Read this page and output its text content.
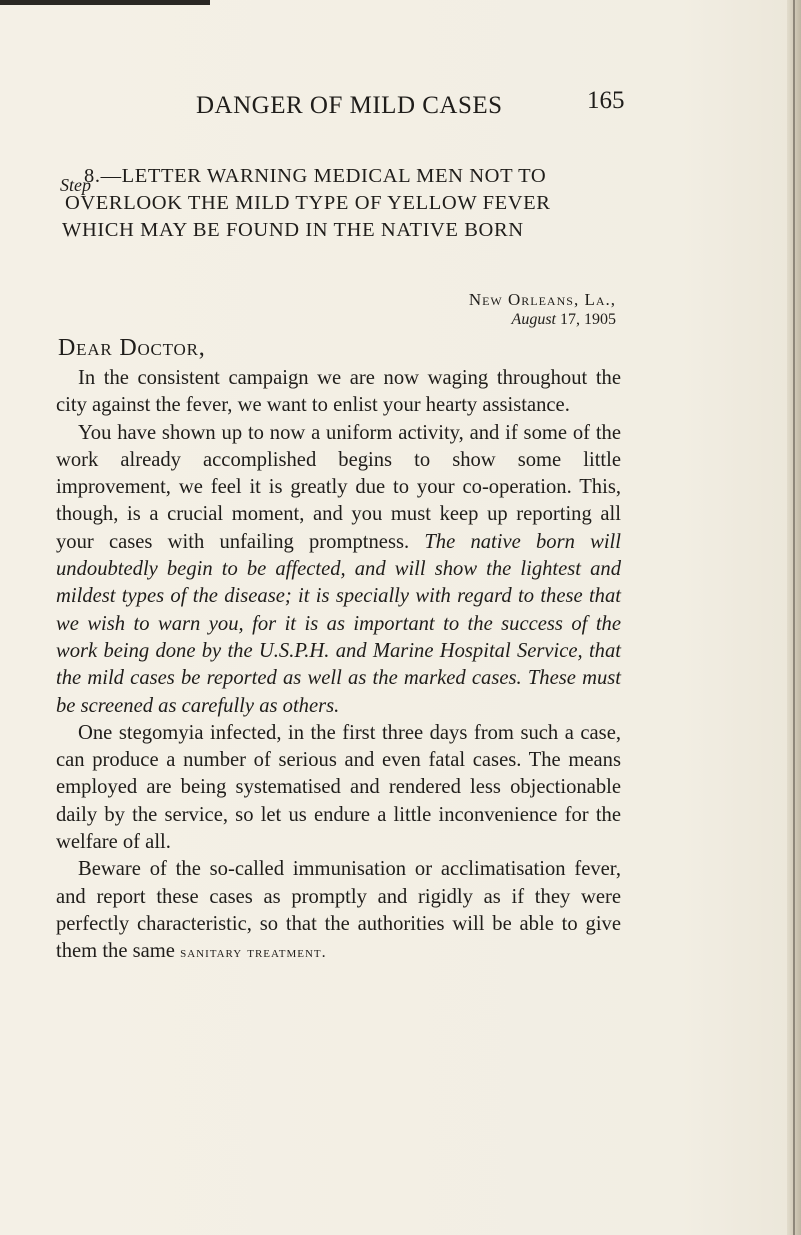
DANGER OF MILD CASES	165
Step
8.—LETTER WARNING MEDICAL MEN NOT TO
OVERLOOK THE MILD TYPE OF YELLOW FEVER
WHICH MAY BE FOUND IN THE NATIVE BORN
New Orleans, La.,
August 17, 1905
Dear Doctor,

In the consistent campaign we are now waging throughout the city against the fever, we want to enlist your hearty assistance.

You have shown up to now a uniform activity, and if some of the work already accomplished begins to show some little improvement, we feel it is greatly due to your co-operation. This, though, is a crucial moment, and you must keep up reporting all your cases with unfailing promptness. The native born will undoubtedly begin to be affected, and will show the lightest and mildest types of the disease; it is specially with regard to these that we wish to warn you, for it is as important to the success of the work being done by the U.S.P.H. and Marine Hospital Service, that the mild cases be reported as well as the marked cases. These must be screened as carefully as others.

One stegomyia infected, in the first three days from such a case, can produce a number of serious and even fatal cases. The means employed are being systematised and rendered less objectionable daily by the service, so let us endure a little inconvenience for the welfare of all.

Beware of the so-called immunisation or acclimatisation fever, and report these cases as promptly and rigidly as if they were perfectly characteristic, so that the authorities will be able to give them the same sanitary treatment.
